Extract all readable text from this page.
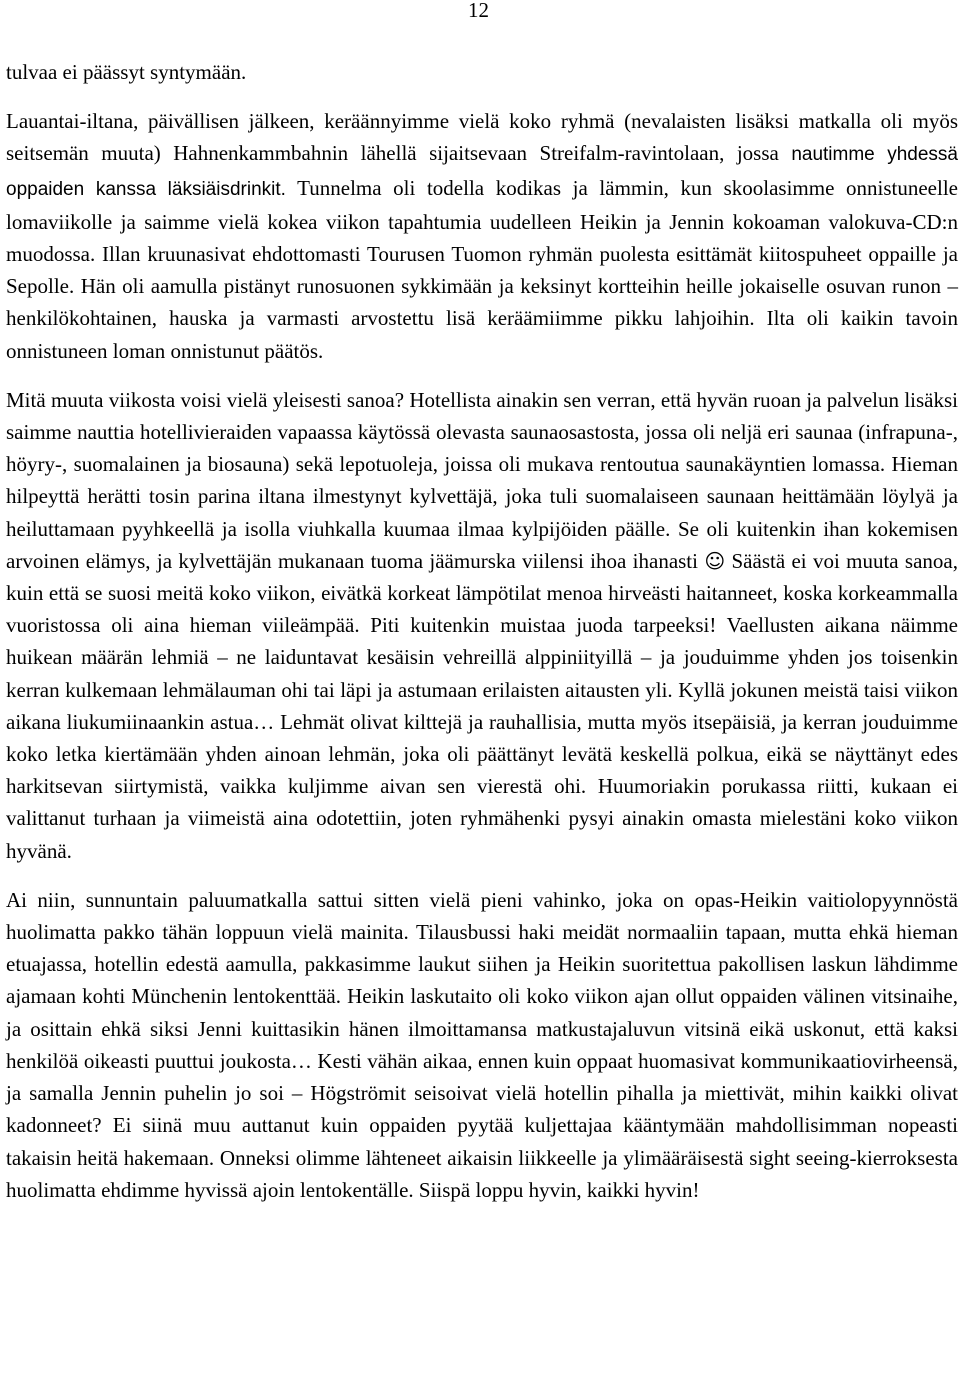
12

tulvaa ei päässyt syntymään.

Lauantai-iltana, päivällisen jälkeen, keräännyimme vielä koko ryhmä (nevalaisten lisäksi matkalla oli myös seitsemän muuta) Hahnenkammbahnin lähellä sijaitsevaan Streifalm-ravintolaan, jossa nautimme yhdessä oppaiden kanssa läksiäisdrinkit. Tunnelma oli todella kodikas ja lämmin, kun skoolasimme onnistuneelle lomaviikolle ja saimme vielä kokea viikon tapahtumia uudelleen Heikin ja Jennin kokoaman valokuva-CD:n muodossa. Illan kruunasivat ehdottomasti Tourusen Tuomon ryhmän puolesta esittämät kiitospuheet oppaille ja Sepolle. Hän oli aamulla pistänyt runosuonen sykkimään ja keksinyt kortteihin heille jokaiselle osuvan runon – henkilökohtainen, hauska ja varmasti arvostettu lisä keräämiimme pikku lahjoihin. Ilta oli kaikin tavoin onnistuneen loman onnistunut päätös.

Mitä muuta viikosta voisi vielä yleisesti sanoa? Hotellista ainakin sen verran, että hyvän ruoan ja palvelun lisäksi saimme nauttia hotellivieraiden vapaassa käytössä olevasta saunaosastosta, jossa oli neljä eri saunaa (infrapuna-, höyry-, suomalainen ja biosauna) sekä lepotuoleja, joissa oli mukava rentoutua saunakäyntien lomassa. Hieman hilpeyttä herätti tosin parina iltana ilmestynyt kylvettäjä, joka tuli suomalaiseen saunaan heittämään löylyä ja heiluttamaan pyyhkeellä ja isolla viuhkalla kuumaa ilmaa kylpijöiden päälle. Se oli kuitenkin ihan kokemisen arvoinen elämys, ja kylvettäjän mukanaan tuoma jäämurska viilensi ihoa ihanasti ☺ Säästä ei voi muuta sanoa, kuin että se suosi meitä koko viikon, eivätkä korkeat lämpötilat menoa hirveästi haitanneet, koska korkeammalla vuoristossa oli aina hieman viileämpää. Piti kuitenkin muistaa juoda tarpeeksi! Vaellusten aikana näimme huikean määrän lehmiä – ne laiduntavat kesäisin vehreillä alppiniityillä – ja jouduimme yhden jos toisenkin kerran kulkemaan lehmälauman ohi tai läpi ja astumaan erilaisten aitausten yli. Kyllä jokunen meistä taisi viikon aikana liukumiinaankin astua… Lehmät olivat kilttejä ja rauhallisia, mutta myös itsepäisiä, ja kerran jouduimme koko letka kiertämään yhden ainoan lehmän, joka oli päättänyt levätä keskellä polkua, eikä se näyttänyt edes harkitsevan siirtymistä, vaikka kuljimme aivan sen vierestä ohi. Huumoriakin porukassa riitti, kukaan ei valittanut turhaan ja viimeistä aina odotettiin, joten ryhmähenki pysyi ainakin omasta mielestäni koko viikon hyvänä.

Ai niin, sunnuntain paluumatkalla sattui sitten vielä pieni vahinko, joka on opas-Heikin vaitiolopyynnöstä huolimatta pakko tähän loppuun vielä mainita. Tilausbussi haki meidät normaaliin tapaan, mutta ehkä hieman etuajassa, hotellin edestä aamulla, pakkasimme laukut siihen ja Heikin suoritettua pakollisen laskun lähdimme ajamaan kohti Münchenin lentokenttää. Heikin laskutaito oli koko viikon ajan ollut oppaiden välinen vitsinaihe, ja osittain ehkä siksi Jenni kuittasikin hänen ilmoittamansa matkustajaluvun vitsinä eikä uskonut, että kaksi henkilöä oikeasti puuttui joukosta… Kesti vähän aikaa, ennen kuin oppaat huomasivat kommunikaatiovirheensä, ja samalla Jennin puhelin jo soi – Högströmit seisoivat vielä hotellin pihalla ja miettivät, mihin kaikki olivat kadonneet? Ei siinä muu auttanut kuin oppaiden pyytää kuljettajaa kääntymään mahdollisimman nopeasti takaisin heitä hakemaan. Onneksi olimme lähteneet aikaisin liikkeelle ja ylimääräisestä sight seeing-kierroksesta huolimatta ehdimme hyvissä ajoin lentokentälle. Siispä loppu hyvin, kaikki hyvin!
